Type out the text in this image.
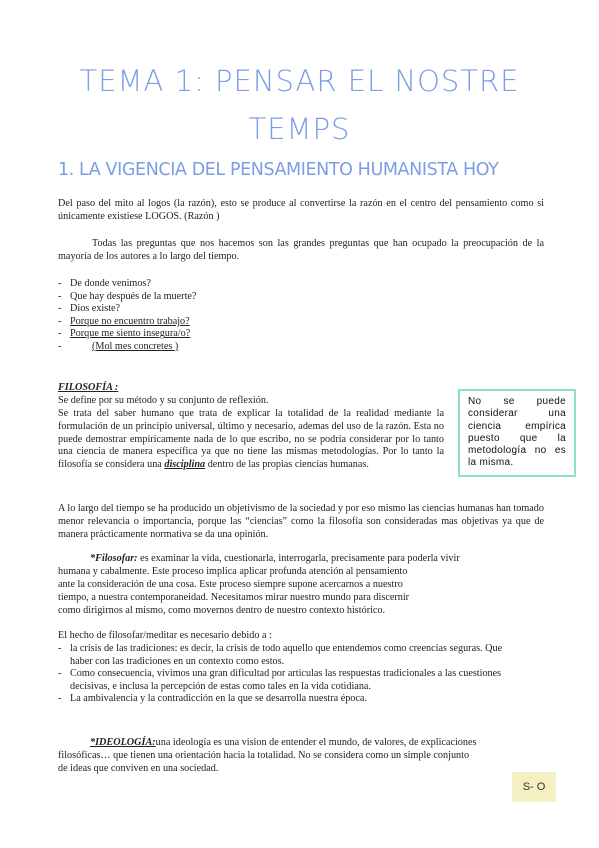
TEMA 1: PENSAR EL NOSTRE
TEMPS
1. LA VIGENCIA DEL PENSAMIENTO HUMANISTA HOY
Del paso del mito al logos (la razón), esto se produce al convertirse la razón en el centro del pensamiento como si únicamente existiese LOGOS. (Razón )
Todas las preguntas que nos hacemos son las grandes preguntas que han ocupado la preocupación de la mayoría de los autores a lo largo del tiempo.
- De donde venimos?
- Que hay después de la muerte?
- Dios existe?
- Porque no encuentro trabajo?
- Porque me siento insegura/o?
- (Mol mes concretes )
FILOSOFÍA :
Se define por su método y su conjunto de reflexión.
Se trata del saber humano que trata de explicar la totalidad de la realidad mediante la formulación de un principio universal, último y necesario, ademas del uso de la razón. Esta no puede demostrar empíricamente nada de lo que escribo, no se podría considerar por lo tanto una ciencia de manera específica ya que no tiene las mismas metodologías. Por lo tanto la filosofía se considera una disciplina dentro de las propias ciencias humanas.
No se puede considerar una ciencia empírica puesto que la metodología no es la misma.
A lo largo del tiempo se ha producido un objetivismo de la sociedad y por eso mismo las ciencias humanas han tomado menor relevancia o importancia, porque las “ciencias” como la filosofía son consideradas mas objetivas ya que de manera prácticamente normativa se da una opinión.
*Filosofar: es examinar la vida, cuestionarla, interrogarla, precisamente para poderla vivir
humana y cabalmente. Este proceso implica aplicar profunda atención al pensamiento
ante la consideración de una cosa. Este proceso siempre supone acercarnos a nuestro
tiempo, a nuestra contemporaneidad. Necesitamos mirar nuestro mundo para discernir
como dirigirnos al mismo, como movernos dentro de nuestro contexto histórico.
El hecho de filosofar/meditar es necesario debido a :
- la crisis de las tradiciones: es decir, la crisis de todo aquello que entendemos como creencias seguras. Que
haber con las tradiciones en un contexto como estos.
- Como consecuencia, vivimos una gran dificultad por articulas las respuestas tradicionales a las cuestiones
decisivas, e inclusa la percepción de estas como tales en la vida cotidiana.
- La ambivalencia y la contradicción en la que se desarrolla nuestra época.
*IDEOLOGÍA:una ideología es una vision de entender el mundo, de valores, de explicaciones
filosóficas… que tienen una orientación hacia la totalidad. No se considera como un simple conjunto
de ideas que conviven en una sociedad.
S- O
